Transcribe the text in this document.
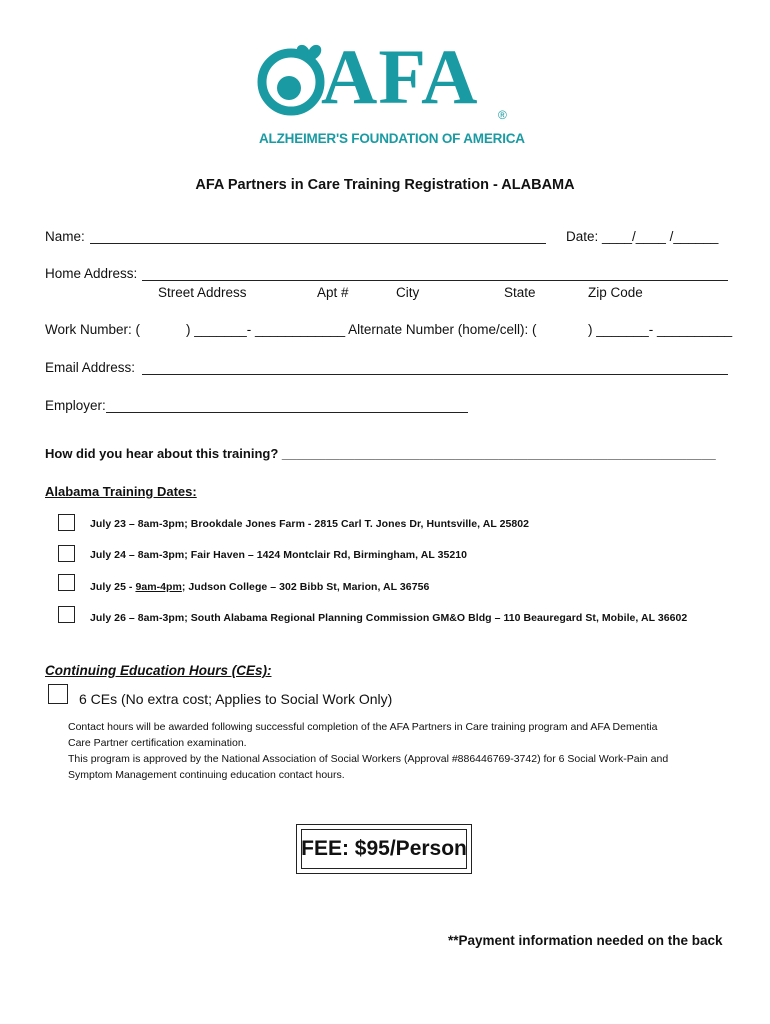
AFA ®
ALZHEIMER'S FOUNDATION OF AMERICA
AFA Partners in Care Training Registration - ALABAMA
Name:	Date: ____/____ /______
Home Address:
Street Address	Apt #	City	State	Zip Code
Work Number: (	) _______- ____________ Alternate Number (home/cell): (	) _______- __________
Email Address:
Employer:
How did you hear about this training? ____________________________________________________________
Alabama Training Dates:
July 23 – 8am-3pm; Brookdale Jones Farm - 2815 Carl T. Jones Dr, Huntsville, AL 25802
July 24 – 8am-3pm; Fair Haven – 1424 Montclair Rd, Birmingham, AL 35210
July 25 - 9am-4pm; Judson College – 302 Bibb St, Marion, AL 36756
July 26 – 8am-3pm; South Alabama Regional Planning Commission GM&O Bldg – 110 Beauregard St, Mobile, AL 36602
Continuing Education Hours (CEs):
6 CEs (No extra cost; Applies to Social Work Only)
Contact hours will be awarded following successful completion of the AFA Partners in Care training program and AFA Dementia
Care Partner certification examination.
This program is approved by the National Association of Social Workers (Approval #886446769-3742) for 6 Social Work-Pain and
Symptom Management continuing education contact hours.
FEE: $95/Person
**Payment information needed on the back
